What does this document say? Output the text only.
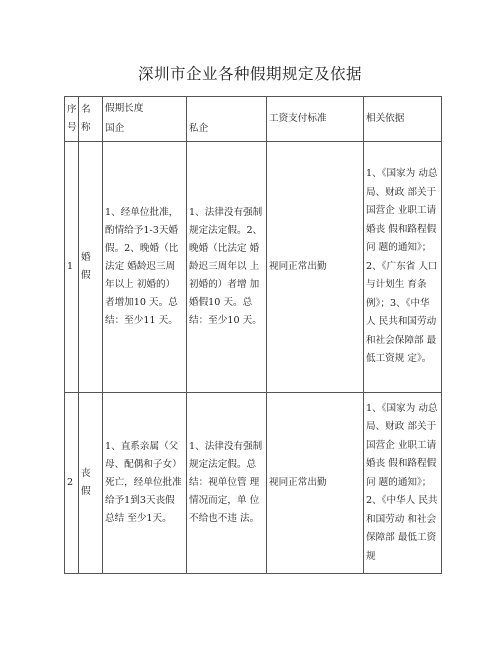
深圳市企业各种假期规定及依据
序号	名称	假期长度
国企	私企	工资支付标准	相关依据
1	婚假	1、经单位批准，酌情给予1-3天婚假。2、晚婚（比法定 婚龄迟三周年以上 初婚的）者增加10 天。总结：至少11 天。	1、法律没有强制 规定法定假。2、晚婚（比法定 婚龄迟三周年以 上初婚的）者增 加婚假10 天。总结：至少10 天。	视同正常出勤	1、《国家为 动总局、财政 部关于国营企 业职工请婚丧 假和路程假问 题的通知》；2、《广东省 人口与计划生 育条例》；3、《中华人 民共和国劳动 和社会保障部 最低工资规 定》。
2	丧假	1、直系亲属（父 母、配偶和子女） 死亡，经单位批准 给予1到3天丧假 总结 至少1天。	1、法律没有强制 规定法定假。总结：视单位管 理情况而定，单 位不给也不违 法。	视同正常出勤	1、《国家为 动总局、财政 部关于国营企 业职工请婚丧 假和路程假问 题的通知》；2、《中华人 民共和国劳动 和社会保障部 最低工资规
